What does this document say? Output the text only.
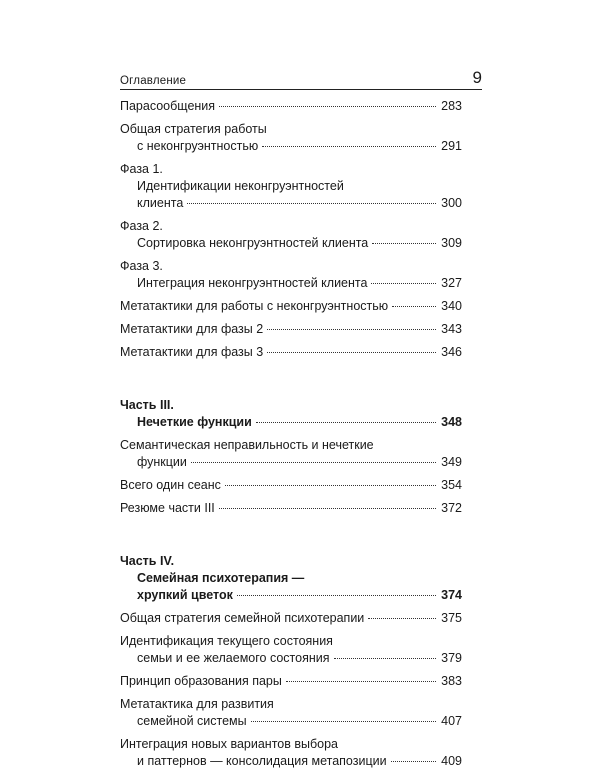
Оглавление	9
Парасообщения	283
Общая стратегия работы
с неконгруэнтностью	291
Фаза 1.
Идентификации неконгруэнтностей
клиента	300
Фаза 2.
Сортировка неконгруэнтностей клиента	309
Фаза 3.
Интеграция неконгруэнтностей клиента	327
Метатактики для работы с неконгруэнтностью	340
Метатактики для фазы 2	343
Метатактики для фазы 3	346
Часть III.
Нечеткие функции	348
Семантическая неправильность и нечеткие
функции	349
Всего один сеанс	354
Резюме части III	372
Часть IV.
Семейная психотерапия —
хрупкий цветок	374
Общая стратегия семейной психотерапии	375
Идентификация текущего состояния
семьи и ее желаемого состояния	379
Принцип образования пары	383
Метатактика для развития
семейной системы	407
Интеграция новых вариантов выбора
и паттернов — консолидация метапозиции	409
